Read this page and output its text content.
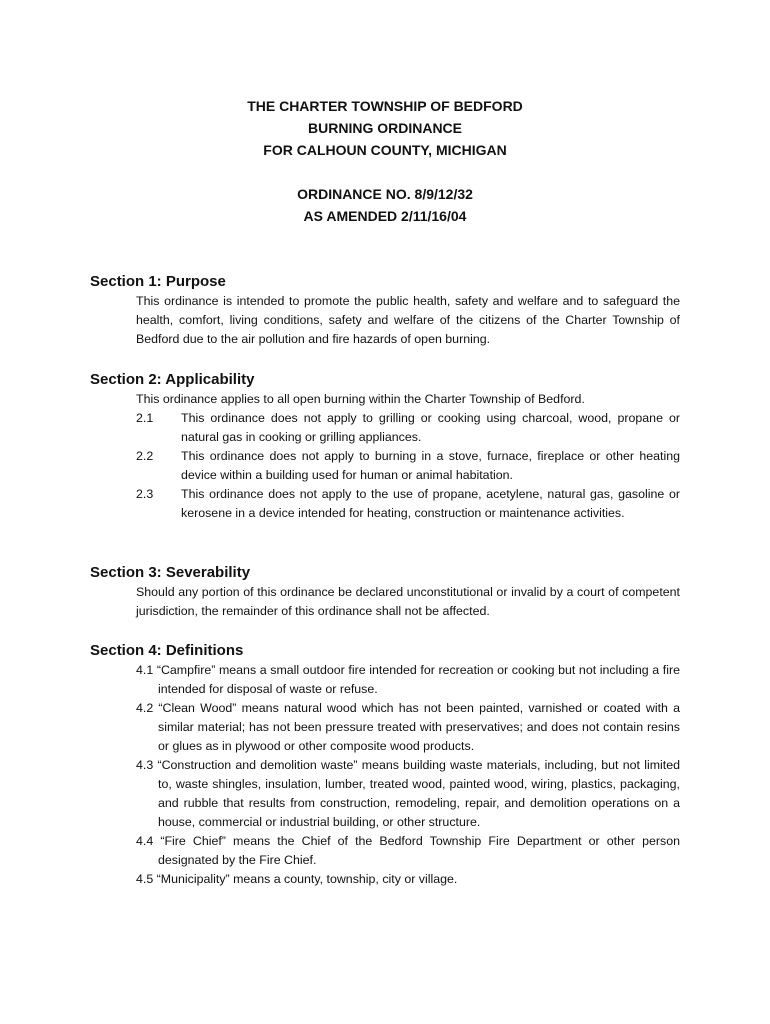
THE CHARTER TOWNSHIP OF BEDFORD
BURNING ORDINANCE
FOR CALHOUN COUNTY, MICHIGAN
ORDINANCE NO. 8/9/12/32
AS AMENDED 2/11/16/04
Section 1: Purpose
This ordinance is intended to promote the public health, safety and welfare and to safeguard the health, comfort, living conditions, safety and welfare of the citizens of the Charter Township of Bedford due to the air pollution and fire hazards of open burning.
Section 2: Applicability
This ordinance applies to all open burning within the Charter Township of Bedford.
2.1	This ordinance does not apply to grilling or cooking using charcoal, wood, propane or natural gas in cooking or grilling appliances.
2.2	This ordinance does not apply to burning in a stove, furnace, fireplace or other heating device within a building used for human or animal habitation.
2.3	This ordinance does not apply to the use of propane, acetylene, natural gas, gasoline or kerosene in a device intended for heating, construction or maintenance activities.
Section 3: Severability
Should any portion of this ordinance be declared unconstitutional or invalid by a court of competent jurisdiction, the remainder of this ordinance shall not be affected.
Section 4: Definitions
4.1 “Campfire” means a small outdoor fire intended for recreation or cooking but not including a fire intended for disposal of waste or refuse.
4.2 “Clean Wood” means natural wood which has not been painted, varnished or coated with a similar material; has not been pressure treated with preservatives; and does not contain resins or glues as in plywood or other composite wood products.
4.3 “Construction and demolition waste” means building waste materials, including, but not limited to, waste shingles, insulation, lumber, treated wood, painted wood, wiring, plastics, packaging, and rubble that results from construction, remodeling, repair, and demolition operations on a house, commercial or industrial building, or other structure.
4.4 “Fire Chief” means the Chief of the Bedford Township Fire Department or other person designated by the Fire Chief.
4.5 “Municipality” means a county, township, city or village.
